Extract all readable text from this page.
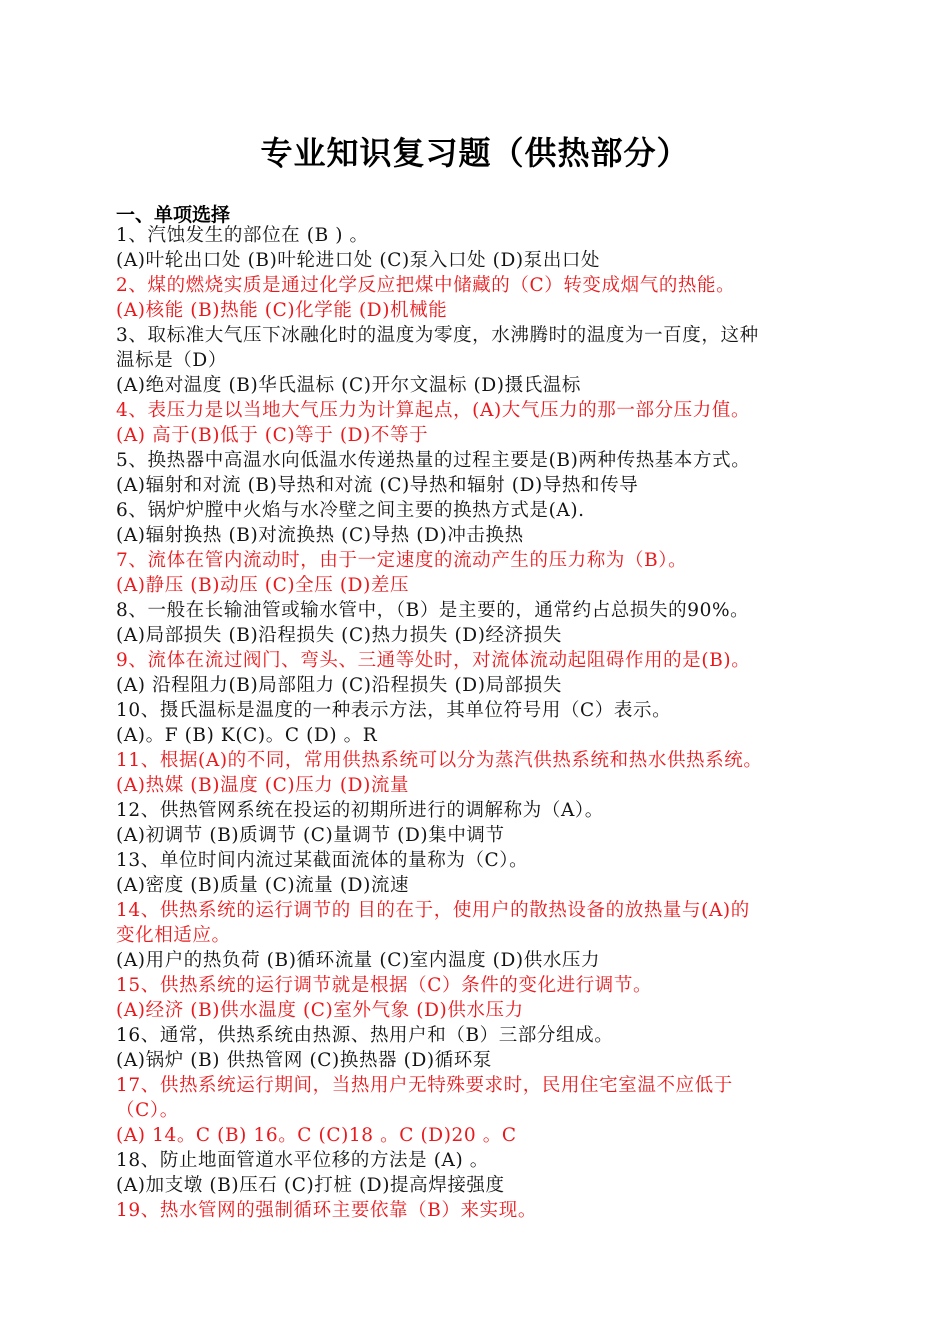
专业知识复习题（供热部分）
一、单项选择
1、汽蚀发生的部位在 (B ) 。
(A)叶轮出口处 (B)叶轮进口处 (C)泵入口处 (D)泵出口处
2、煤的燃烧实质是通过化学反应把煤中储藏的（C）转变成烟气的热能。
(A)核能 (B)热能 (C)化学能 (D)机械能
3、取标准大气压下冰融化时的温度为零度，水沸腾时的温度为一百度，这种
温标是（D）
(A)绝对温度 (B)华氏温标 (C)开尔文温标 (D)摄氏温标
4、表压力是以当地大气压力为计算起点，(A)大气压力的那一部分压力值。
(A) 高于(B)低于 (C)等于 (D)不等于
5、换热器中高温水向低温水传递热量的过程主要是(B)两种传热基本方式。
(A)辐射和对流 (B)导热和对流 (C)导热和辐射 (D)导热和传导
6、锅炉炉膛中火焰与水冷壁之间主要的换热方式是(A).
(A)辐射换热 (B)对流换热 (C)导热 (D)冲击换热
7、流体在管内流动时，由于一定速度的流动产生的压力称为（B）。
(A)静压 (B)动压 (C)全压 (D)差压
8、一般在长输油管或输水管中，（B）是主要的，通常约占总损失的90%。
(A)局部损失 (B)沿程损失 (C)热力损失 (D)经济损失
9、流体在流过阀门、弯头、三通等处时，对流体流动起阻碍作用的是(B)。
(A) 沿程阻力(B)局部阻力 (C)沿程损失 (D)局部损失
10、摄氏温标是温度的一种表示方法，其单位符号用（C）表示。
(A)。F (B) K(C)。C (D) 。R
11、根据(A)的不同，常用供热系统可以分为蒸汽供热系统和热水供热系统。
(A)热媒 (B)温度 (C)压力 (D)流量
12、供热管网系统在投运的初期所进行的调解称为（A）。
(A)初调节 (B)质调节 (C)量调节 (D)集中调节
13、单位时间内流过某截面流体的量称为（C）。
(A)密度 (B)质量 (C)流量 (D)流速
14、供热系统的运行调节的 目的在于，使用户的散热设备的放热量与(A)的
变化相适应。
(A)用户的热负荷 (B)循环流量 (C)室内温度 (D)供水压力
15、供热系统的运行调节就是根据（C）条件的变化进行调节。
(A)经济 (B)供水温度 (C)室外气象 (D)供水压力
16、通常，供热系统由热源、热用户和（B）三部分组成。
(A)锅炉 (B) 供热管网 (C)换热器 (D)循环泵
17、供热系统运行期间，当热用户无特殊要求时，民用住宅室温不应低于
（C）。
(A) 14。C (B) 16。C (C)18 。C (D)20 。C
18、防止地面管道水平位移的方法是 (A) 。
(A)加支墩 (B)压石 (C)打桩 (D)提高焊接强度
19、热水管网的强制循环主要依靠（B）来实现。
